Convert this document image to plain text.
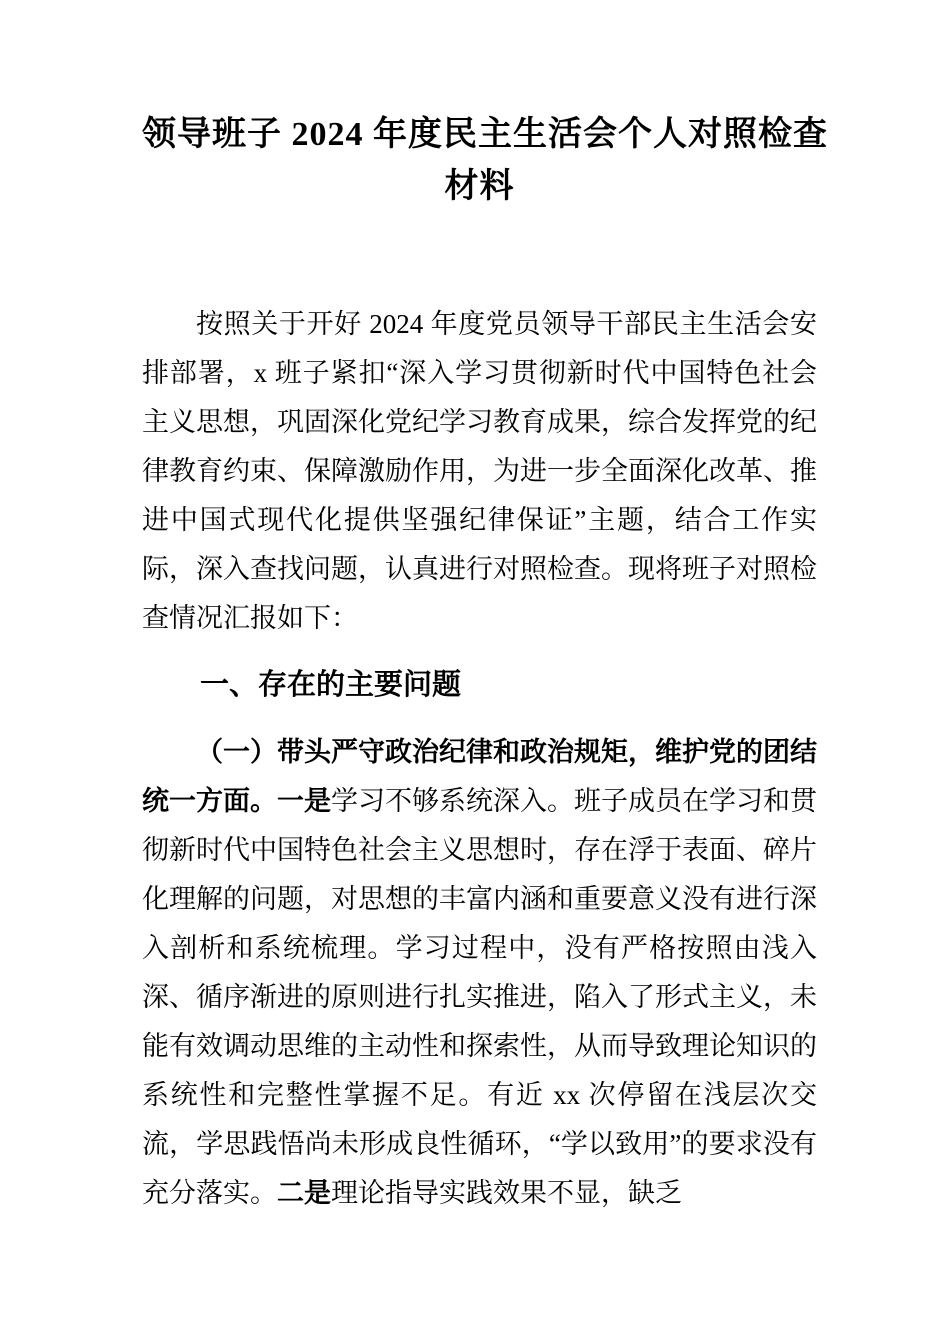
领导班子 2024 年度民主生活会个人对照检查
材料

按照关于开好 2024 年度党员领导干部民主生活会安排部署，x 班子紧扣“深入学习贯彻新时代中国特色社会主义思想，巩固深化党纪学习教育成果，综合发挥党的纪律教育约束、保障激励作用，为进一步全面深化改革、推进中国式现代化提供坚强纪律保证”主题，结合工作实际，深入查找问题，认真进行对照检查。现将班子对照检查情况汇报如下：

一、存在的主要问题

（一）带头严守政治纪律和政治规矩，维护党的团结统一方面。一是学习不够系统深入。班子成员在学习和贯彻新时代中国特色社会主义思想时，存在浮于表面、碎片化理解的问题，对思想的丰富内涵和重要意义没有进行深入剖析和系统梳理。学习过程中，没有严格按照由浅入深、循序渐进的原则进行扎实推进，陷入了形式主义，未能有效调动思维的主动性和探索性，从而导致理论知识的系统性和完整性掌握不足。有近 xx 次停留在浅层次交流，学思践悟尚未形成良性循环，“学以致用”的要求没有充分落实。二是理论指导实践效果不显，缺乏
